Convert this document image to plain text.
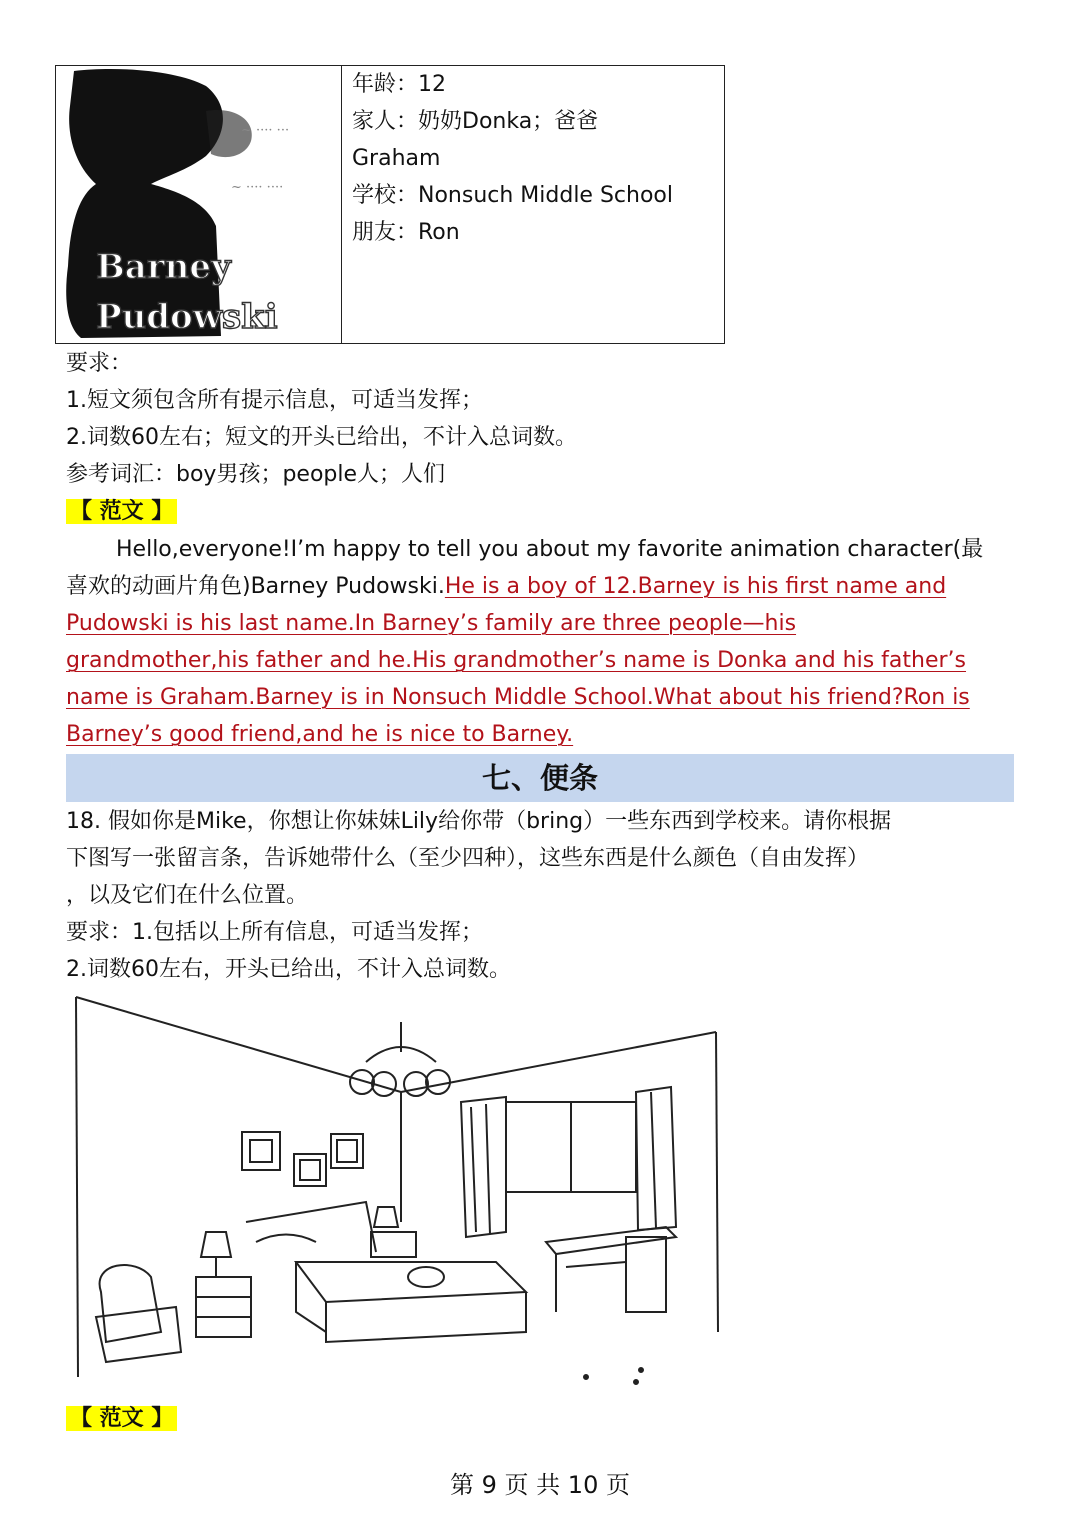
~ ···· ···
~ ···· ····
Barney
Pudowski

年龄：12
家人：奶奶Donka；爸爸
Graham
学校：Nonsuch Middle School
朋友：Ron
要求：
1.短文须包含所有提示信息，可适当发挥；
2.词数60左右；短文的开头已给出，不计入总词数。
参考词汇：boy男孩；people人；人们
【 范文 】
Hello,everyone!I’m happy to tell you about my favorite animation character(最
喜欢的动画片角色)Barney Pudowski.He is a boy of 12.Barney is his first name and
Pudowski is his last name.In Barney’s family are three people—his
grandmother,his father and he.His grandmother’s name is Donka and his father’s
name is Graham.Barney is in Nonsuch Middle School.What about his friend?Ron is
Barney’s good friend,and he is nice to Barney.
七、便条
18. 假如你是Mike，你想让你妹妹Lily给你带（bring）一些东西到学校来。请你根据
下图写一张留言条，告诉她带什么（至少四种），这些东西是什么颜色（自由发挥）
，以及它们在什么位置。
要求：1.包括以上所有信息，可适当发挥；
2.词数60左右，开头已给出，不计入总词数。
【 范文 】
第 9 页 共 10 页
